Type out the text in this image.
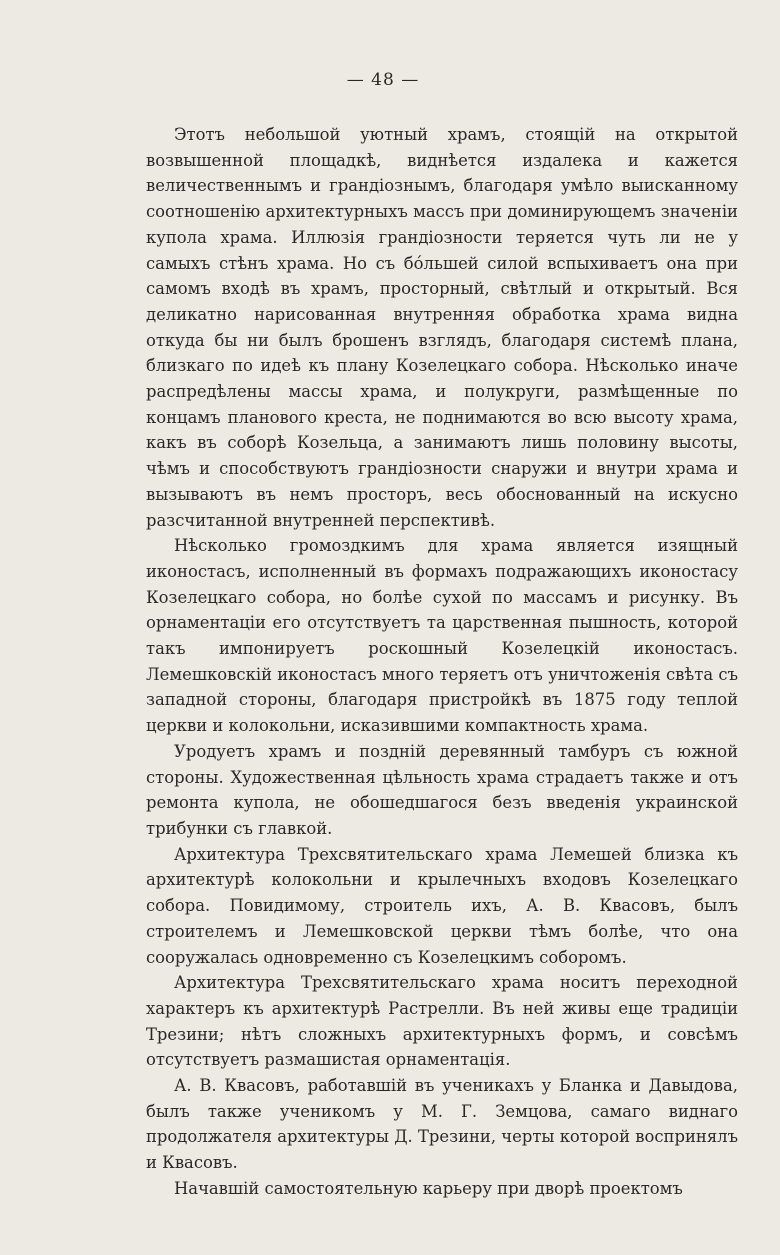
— 48 —

Этотъ небольшой уютный храмъ, стоящій на открытой возвышенной площадкѣ, виднѣется издалека и кажется величественнымъ и грандіознымъ, благодаря умѣло выисканному соотношенію архитектурныхъ массъ при доминирующемъ значеніи купола храма. Иллюзія грандіозности теряется чуть ли не у самыхъ стѣнъ храма. Но съ бóльшей силой вспыхиваетъ она при самомъ входѣ въ храмъ, просторный, свѣтлый и открытый. Вся деликатно нарисованная внутренняя обработка храма видна откуда бы ни былъ брошенъ взглядъ, благодаря системѣ плана, близкаго по идеѣ къ плану Козелецкаго собора. Нѣсколько иначе распредѣлены массы храма, и полукруги, размѣщенные по концамъ планового креста, не поднимаются во всю высоту храма, какъ въ соборѣ Козельца, а занимаютъ лишь половину высоты, чѣмъ и способствуютъ грандіозности снаружи и внутри храма и вызываютъ въ немъ просторъ, весь обоснованный на искусно разсчитанной внутренней перспективѣ.

Нѣсколько громоздкимъ для храма является изящный иконостасъ, исполненный въ формахъ подражающихъ иконостасу Козелецкаго собора, но болѣе сухой по массамъ и рисунку. Въ орнаментаціи его отсутствуетъ та царственная пышность, которой такъ импонируетъ роскошный Козелецкій иконостасъ. Лемешковскій иконостасъ много теряетъ отъ уничтоженія свѣта съ западной стороны, благодаря пристройкѣ въ 1875 году теплой церкви и колокольни, исказившими компактность храма.

Уродуетъ храмъ и поздній деревянный тамбуръ съ южной стороны. Художественная цѣльность храма страдаетъ также и отъ ремонта купола, не обошедшагося безъ введенія украинской трибунки съ главкой.

Архитектура Трехсвятительскаго храма Лемешей близка къ архитектурѣ колокольни и крылечныхъ входовъ Козелецкаго собора. Повидимому, строитель ихъ, А. В. Квасовъ, былъ строителемъ и Лемешковской церкви тѣмъ болѣе, что она сооружалась одновременно съ Козелецкимъ соборомъ.

Архитектура Трехсвятительскаго храма носитъ переходной характеръ къ архитектурѣ Растрелли. Въ ней живы еще традиціи Трезини; нѣтъ сложныхъ архитектурныхъ формъ, и совсѣмъ отсутствуетъ размашистая орнаментація.

А. В. Квасовъ, работавшій въ ученикахъ у Бланка и Давыдова, былъ также ученикомъ у М. Г. Земцова, самаго виднаго продолжателя архитектуры Д. Трезини, черты которой воспринялъ и Квасовъ.

Начавшій самостоятельную карьеру при дворѣ проектомъ
